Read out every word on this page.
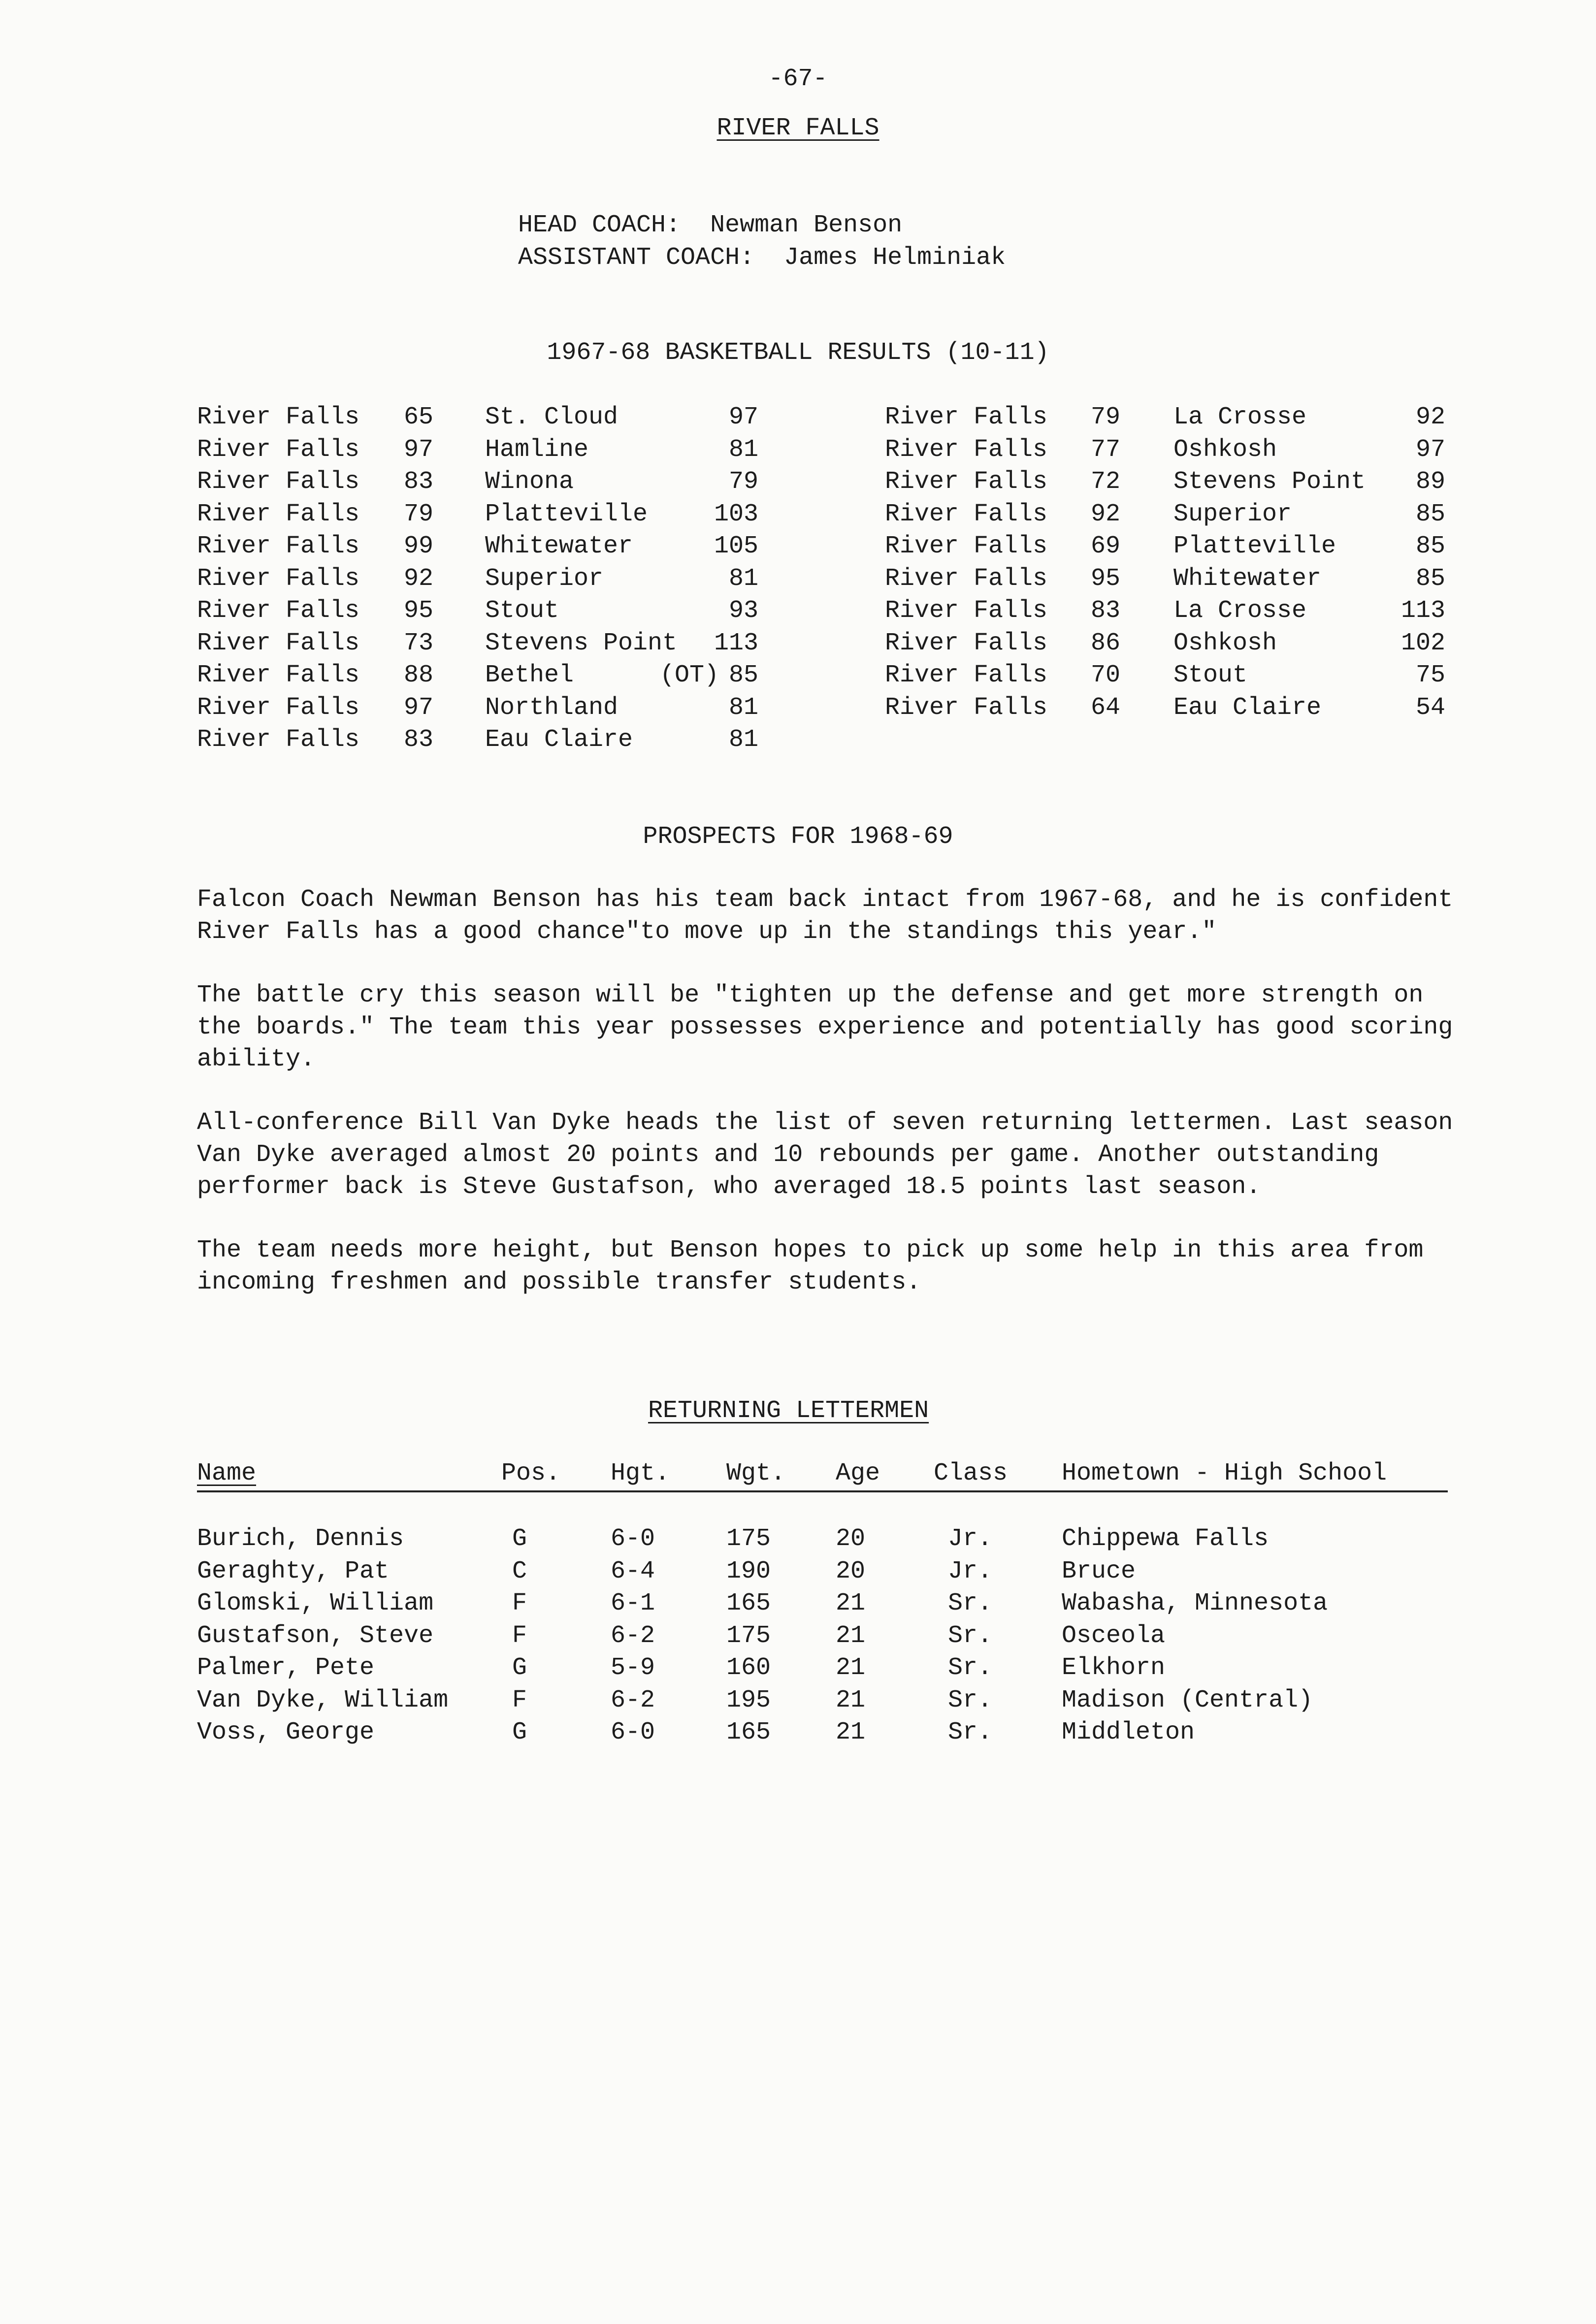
-67-
RIVER FALLS
HEAD COACH: Newman Benson
ASSISTANT COACH: James Helminiak
1967-68 BASKETBALL RESULTS (10-11)
River Falls 65 St. Cloud	97
River Falls 97 Hamline	81
River Falls 83 Winona	79
River Falls 79 Platteville	103
River Falls 99 Whitewater	105
River Falls 92 Superior	81
River Falls 95 Stout	93
River Falls 73 Stevens Point	113
River Falls 88 Bethel	(OT) 85
River Falls 97 Northland	81
River Falls 83 Eau Claire	81
River Falls 79 La Crosse	92
River Falls 77 Oshkosh	97
River Falls 72 Stevens Point	89
River Falls 92 Superior	85
River Falls 69 Platteville	85
River Falls 95 Whitewater	85
River Falls 83 La Crosse	113
River Falls 86 Oshkosh	102
River Falls 70 Stout	75
River Falls 64 Eau Claire	54
PROSPECTS FOR 1968-69

Falcon Coach Newman Benson has his team back intact from 1967-68, and he is confident River Falls has a good chance"to move up in the standings this year."

The battle cry this season will be "tighten up the defense and get more strength on the boards." The team this year possesses experience and potentially has good scoring ability.

All-conference Bill Van Dyke heads the list of seven returning lettermen. Last season Van Dyke averaged almost 20 points and 10 rebounds per game. Another outstanding performer back is Steve Gustafson, who averaged 18.5 points last season.

The team needs more height, but Benson hopes to pick up some help in this area from incoming freshmen and possible transfer students.

RETURNING LETTERMEN
Name	Pos. Hgt. Wgt. Age Class Hometown - High School
Burich, Dennis	G	6-0	175	20	Jr.	Chippewa Falls
Geraghty, Pat	C	6-4	190	20	Jr.	Bruce
Glomski, William	F	6-1	165	21	Sr.	Wabasha, Minnesota
Gustafson, Steve	F	6-2	175	21	Sr.	Osceola
Palmer, Pete	G	5-9	160	21	Sr.	Elkhorn
Van Dyke, William	F	6-2	195	21	Sr.	Madison (Central)
Voss, George	G	6-0	165	21	Sr.	Middleton
